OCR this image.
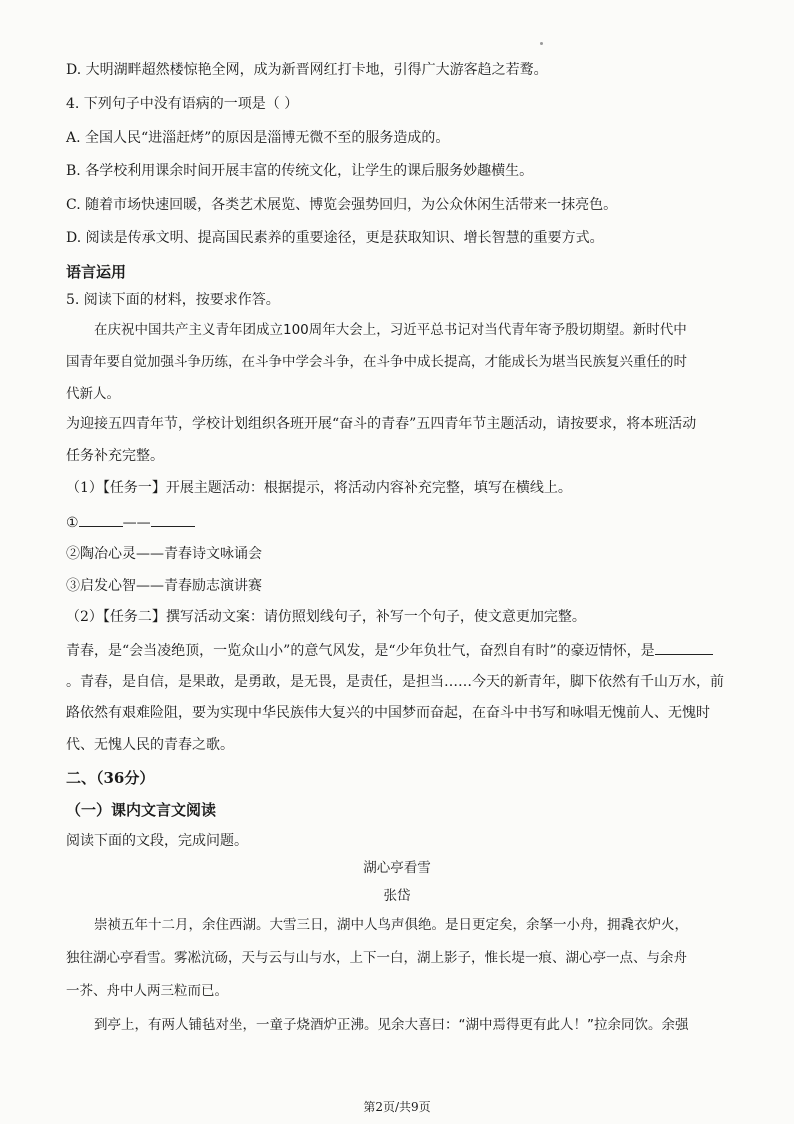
D. 大明湖畔超然楼惊艳全网，成为新晋网红打卡地，引得广大游客趋之若鹜。
4. 下列句子中没有语病的一项是（ ）
A. 全国人民“进淄赶烤”的原因是淄博无微不至的服务造成的。
B. 各学校利用课余时间开展丰富的传统文化，让学生的课后服务妙趣横生。
C. 随着市场快速回暖，各类艺术展览、博览会强势回归，为公众休闲生活带来一抹亮色。
D. 阅读是传承文明、提高国民素养的重要途径，更是获取知识、增长智慧的重要方式。
语言运用
5. 阅读下面的材料，按要求作答。
在庆祝中国共产主义青年团成立100周年大会上，习近平总书记对当代青年寄予殷切期望。新时代中
国青年要自觉加强斗争历练，在斗争中学会斗争，在斗争中成长提高，才能成长为堪当民族复兴重任的时
代新人。
为迎接五四青年节，学校计划组织各班开展“奋斗的青春”五四青年节主题活动，请按要求，将本班活动
任务补充完整。
（1）【任务一】开展主题活动：根据提示，将活动内容补充完整，填写在横线上。
①	——
②陶冶心灵——青春诗文咏诵会
③启发心智——青春励志演讲赛
（2）【任务二】撰写活动文案：请仿照划线句子，补写一个句子，使文意更加完整。
青春，是“会当凌绝顶，一览众山小”的意气风发，是“少年负壮气，奋烈自有时”的豪迈情怀，是
。青春，是自信，是果敢，是勇敢，是无畏，是责任，是担当……今天的新青年，脚下依然有千山万水，前
路依然有艰难险阻，要为实现中华民族伟大复兴的中国梦而奋起，在奋斗中书写和咏唱无愧前人、无愧时
代、无愧人民的青春之歌。
二、（36分）
（一）课内文言文阅读
阅读下面的文段，完成问题。
湖心亭看雪
张岱
崇祯五年十二月，余住西湖。大雪三日，湖中人鸟声俱绝。是日更定矣，余拏一小舟，拥毳衣炉火，
独往湖心亭看雪。雾凇沆砀，天与云与山与水，上下一白，湖上影子，惟长堤一痕、湖心亭一点、与余舟
一芥、舟中人两三粒而已。
到亭上，有两人铺毡对坐，一童子烧酒炉正沸。见余大喜曰：“湖中焉得更有此人！”拉余同饮。余强
第2页/共9页
